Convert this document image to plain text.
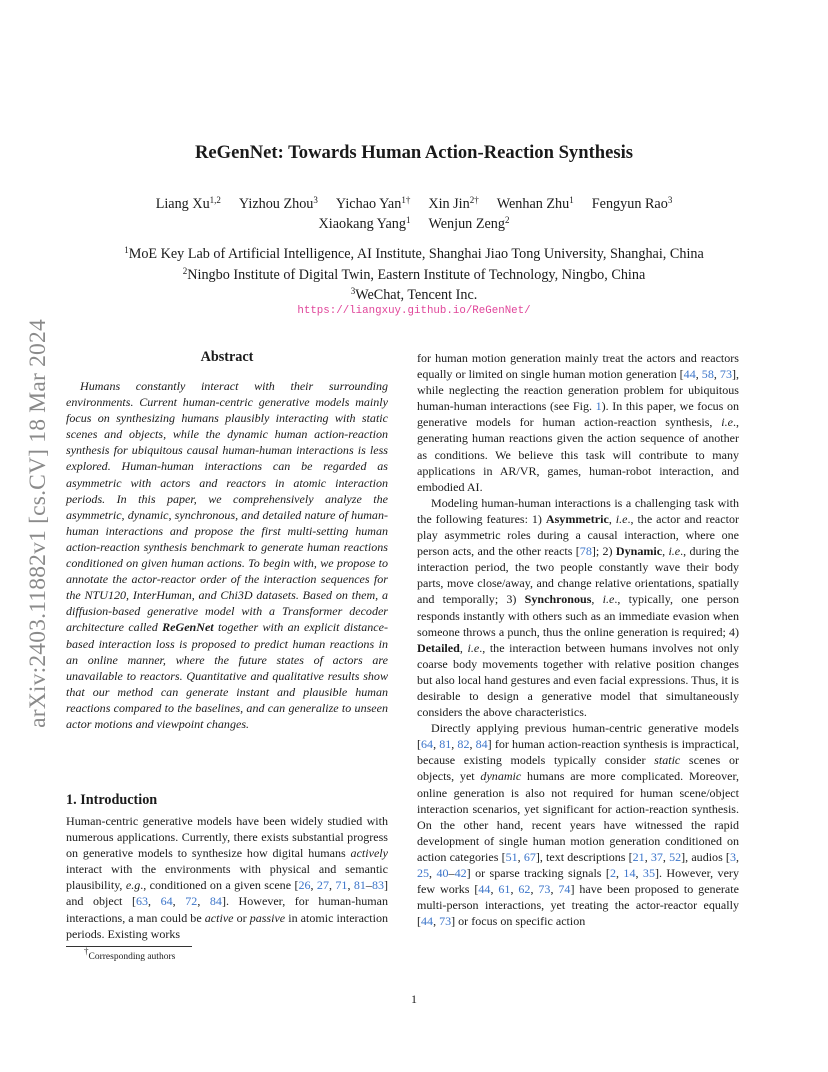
arXiv:2403.11882v1 [cs.CV] 18 Mar 2024
ReGenNet: Towards Human Action-Reaction Synthesis
Liang Xu$^{1,2}$ Yizhou Zhou$^3$ Yichao Yan$^{1\dagger}$ Xin Jin$^{2\dagger}$ Wenhan Zhu$^1$ Fengyun Rao$^3$
Xiaokang Yang$^1$ Wenjun Zeng$^2$
$^1$MoE Key Lab of Artificial Intelligence, AI Institute, Shanghai Jiao Tong University, Shanghai, China
$^2$Ningbo Institute of Digital Twin, Eastern Institute of Technology, Ningbo, China
$^3$WeChat, Tencent Inc.
https://liangxuy.github.io/ReGenNet/
Abstract

Humans constantly interact with their surrounding environments. Current human-centric generative models mainly focus on synthesizing humans plausibly interacting with static scenes and objects, while the dynamic human action-reaction synthesis for ubiquitous causal human-human interactions is less explored. Human-human interactions can be regarded as asymmetric with actors and reactors in atomic interaction periods. In this paper, we comprehensively analyze the asymmetric, dynamic, synchronous, and detailed nature of human-human interactions and propose the first multi-setting human action-reaction synthesis benchmark to generate human reactions conditioned on given human actions. To begin with, we propose to annotate the actor-reactor order of the interaction sequences for the NTU120, InterHuman, and Chi3D datasets. Based on them, a diffusion-based generative model with a Transformer decoder architecture called ReGenNet together with an explicit distance-based interaction loss is proposed to predict human reactions in an online manner, where the future states of actors are unavailable to reactors. Quantitative and qualitative results show that our method can generate instant and plausible human reactions compared to the baselines, and can generalize to unseen actor motions and viewpoint changes.

1. Introduction

Human-centric generative models have been widely studied with numerous applications. Currently, there exists substantial progress on generative models to synthesize how digital humans actively interact with the environments with physical and semantic plausibility, e.g., conditioned on a given scene [26, 27, 71, 81–83] and object [63, 64, 72, 84]. However, for human-human interactions, a man could be active or passive in atomic interaction periods. Existing works

for human motion generation mainly treat the actors and reactors equally or limited on single human motion generation [44, 58, 73], while neglecting the reaction generation problem for ubiquitous human-human interactions (see Fig. 1). In this paper, we focus on generative models for human action-reaction synthesis, i.e., generating human reactions given the action sequence of another as conditions. We believe this task will contribute to many applications in AR/VR, games, human-robot interaction, and embodied AI.

Modeling human-human interactions is a challenging task with the following features: 1) Asymmetric, i.e., the actor and reactor play asymmetric roles during a causal interaction, where one person acts, and the other reacts [78]; 2) Dynamic, i.e., during the interaction period, the two people constantly wave their body parts, move close/away, and change relative orientations, spatially and temporally; 3) Synchronous, i.e., typically, one person responds instantly with others such as an immediate evasion when someone throws a punch, thus the online generation is required; 4) Detailed, i.e., the interaction between humans involves not only coarse body movements together with relative position changes but also local hand gestures and even facial expressions. Thus, it is desirable to design a generative model that simultaneously considers the above characteristics.

Directly applying previous human-centric generative models [64, 81, 82, 84] for human action-reaction synthesis is impractical, because existing models typically consider static scenes or objects, yet dynamic humans are more complicated. Moreover, online generation is also not required for human scene/object interaction scenarios, yet significant for action-reaction synthesis. On the other hand, recent years have witnessed the rapid development of single human motion generation conditioned on action categories [51, 67], text descriptions [21, 37, 52], audios [3, 25, 40–42] or sparse tracking signals [2, 14, 35]. However, very few works [44, 61, 62, 73, 74] have been proposed to generate multi-person interactions, yet treating the actor-reactor equally [44, 73] or focus on specific action

†Corresponding authors
1
